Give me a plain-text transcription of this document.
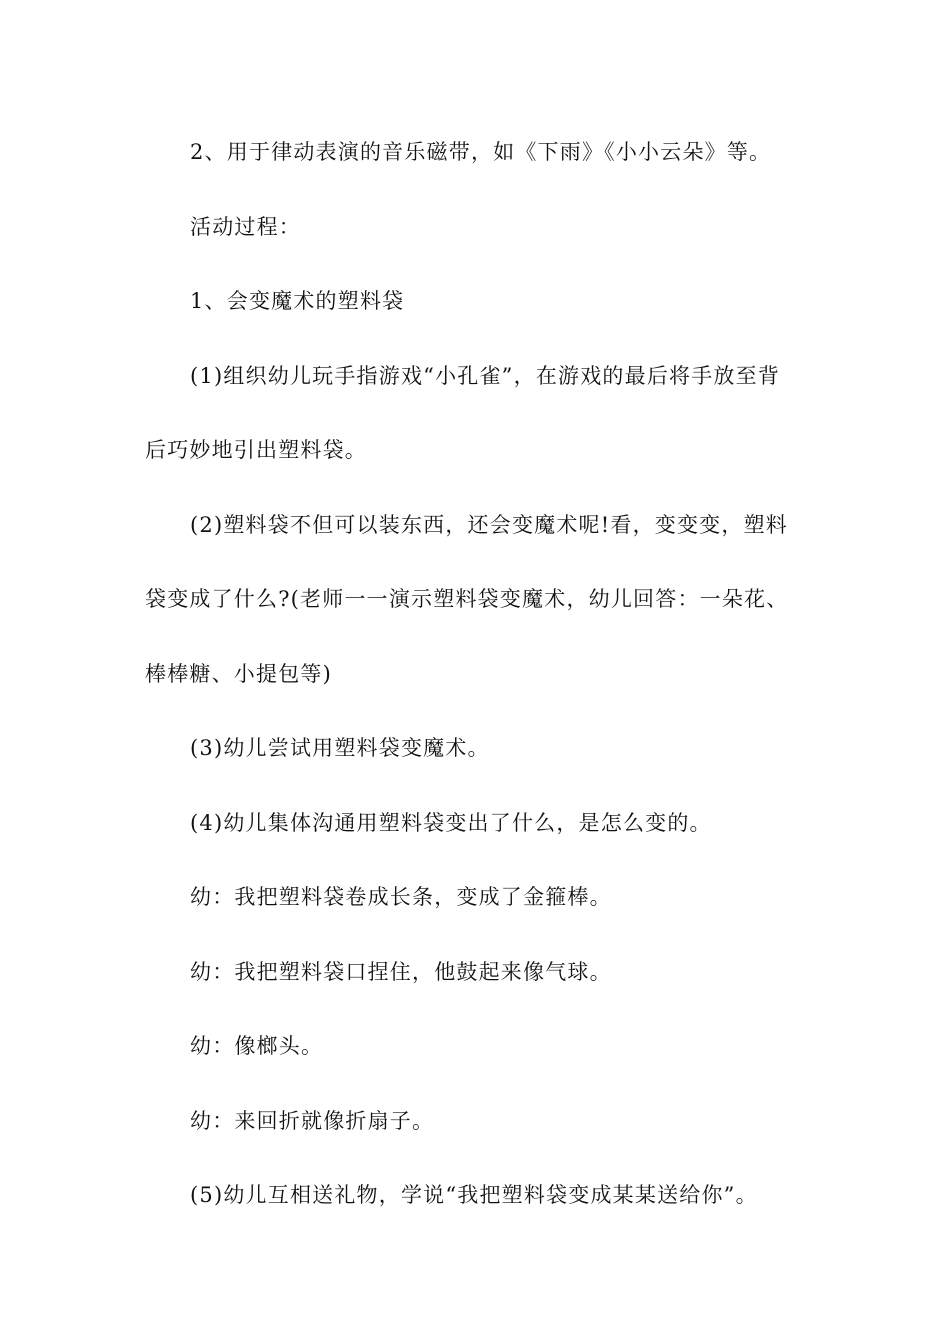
2、用于律动表演的音乐磁带，如《下雨》《小小云朵》等。
活动过程：
1、会变魔术的塑料袋
(1)组织幼儿玩手指游戏“小孔雀”，在游戏的最后将手放至背
后巧妙地引出塑料袋。
(2)塑料袋不但可以装东西，还会变魔术呢!看，变变变，塑料
袋变成了什么?(老师一一演示塑料袋变魔术，幼儿回答：一朵花、
棒棒糖、小提包等)
(3)幼儿尝试用塑料袋变魔术。
(4)幼儿集体沟通用塑料袋变出了什么，是怎么变的。
幼：我把塑料袋卷成长条，变成了金箍棒。
幼：我把塑料袋口捏住，他鼓起来像气球。
幼：像榔头。
幼：来回折就像折扇子。
(5)幼儿互相送礼物，学说“我把塑料袋变成某某送给你”。
